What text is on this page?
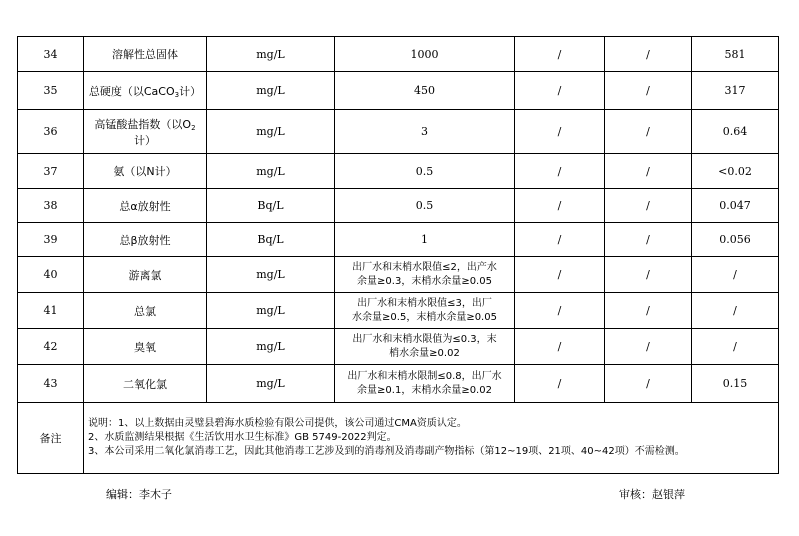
34	溶解性总固体	mg/L	1000	/	/	581
35	总硬度（以CaCO$_3$计）	mg/L	450	/	/	317
36	高锰酸盐指数（以$O_2$计）	mg/L	3	/	/	0.64
37	氨（以N计）	mg/L	0.5	/	/	<0.02
38	总α放射性	Bq/L	0.5	/	/	0.047
39	总β放射性	Bq/L	1	/	/	0.056
40	游离氯	mg/L	出厂水和末梢水限值≤2，出产水
余量≥0.3，末梢水余量≥0.05	/	/	/
41	总氯	mg/L	出厂水和末梢水限值≤3，出厂
水余量≥0.5，末梢水余量≥0.05	/	/	/
42	臭氧	mg/L	出厂水和末梢水限值为≤0.3，末
梢水余量≥0.02	/	/	/
43	二氧化氯	mg/L	出厂水和末梢水限制≤0.8，出厂水
余量≥0.1，末梢水余量≥0.02	/	/	0.15
备注	说明：1、以上数据由灵璧县碧海水质检验有限公司提供，该公司通过CMA资质认定。
2、水质监测结果根据《生活饮用水卫生标准》GB 5749-2022判定。
3、本公司采用二氧化氯消毒工艺，因此其他消毒工艺涉及到的消毒剂及消毒副产物指标（第12~19项、21项、40~42项）不需检测。					
编辑：李木子	审核：赵银萍
